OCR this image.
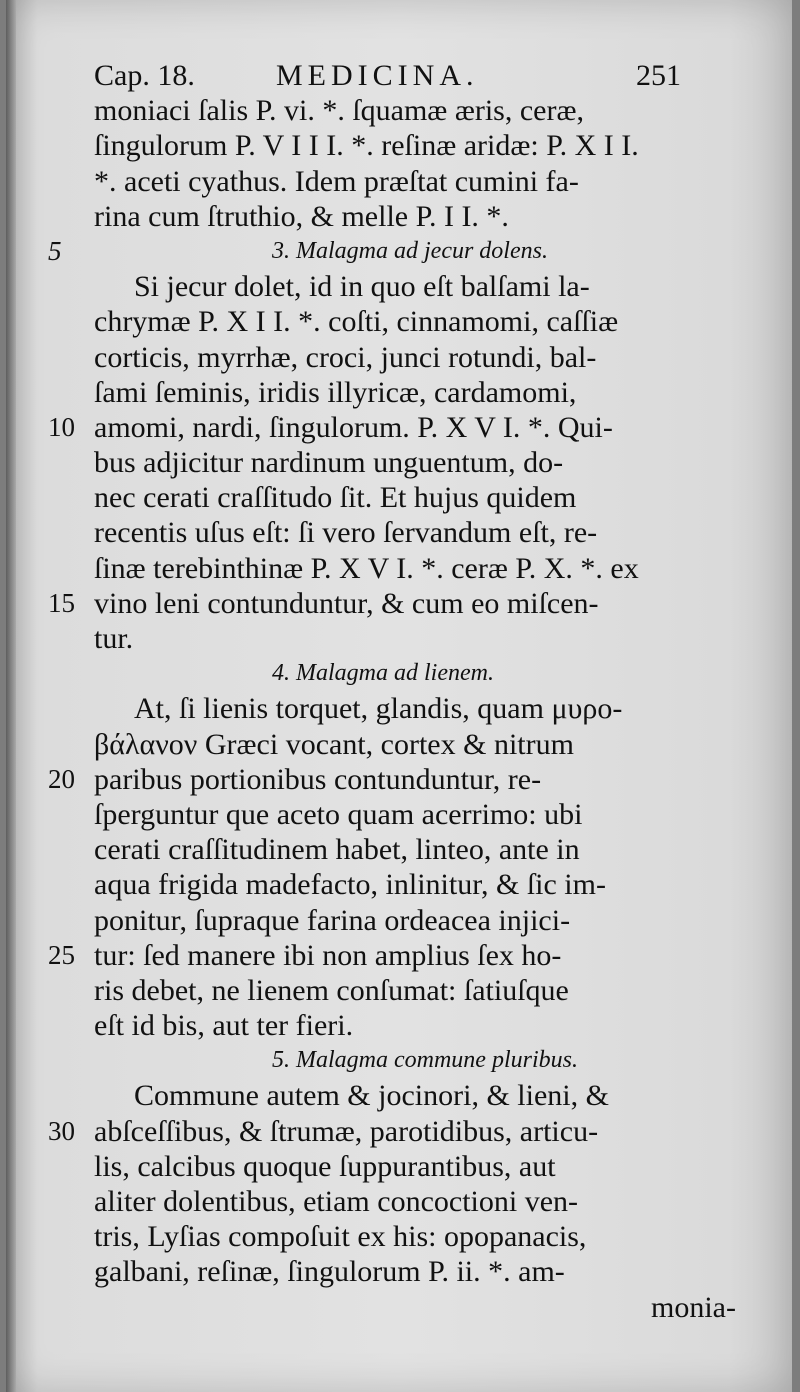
Cap. 18.	MEDICINA.	251
moniaci ſalis P. vi. *. ſquamæ æris, ceræ,
ſingulorum P. V I I I. *. reſinæ aridæ: P. X I I.
*. aceti cyathus. Idem præſtat cumini fa-
rina cum ſtruthio, & melle P. I I. *.
5	3. Malagma ad jecur dolens.
Si jecur dolet, id in quo eſt balſami la-
chrymæ P. X I I. *. coſti, cinnamomi, caſſiæ
corticis, myrrhæ, croci, junci rotundi, bal-
ſami ſeminis, iridis illyricæ, cardamomi,
10 amomi, nardi, ſingulorum. P. X V I. *. Qui-
bus adjicitur nardinum unguentum, do-
nec cerati craſſitudo ſit. Et hujus quidem
recentis uſus eſt: ſi vero ſervandum eſt, re-
ſinæ terebinthinæ P. X V I. *. ceræ P. X. *. ex
15 vino leni contunduntur, & cum eo miſcen-
tur.
4. Malagma ad lienem.
At, ſi lienis torquet, glandis, quam μυρο-
βάλανον Græci vocant, cortex & nitrum
20 paribus portionibus contunduntur, re-
ſperguntur que aceto quam acerrimo: ubi
cerati craſſitudinem habet, linteo, ante in
aqua frigida madefacto, inlinitur, & ſic im-
ponitur, ſupraque farina ordeacea injici-
25 tur: ſed manere ibi non amplius ſex ho-
ris debet, ne lienem conſumat: ſatiuſque
eſt id bis, aut ter fieri.
5. Malagma commune pluribus.
Commune autem & jocinori, & lieni, &
30 abſceſſibus, & ſtrumæ, parotidibus, articu-
lis, calcibus quoque ſuppurantibus, aut
aliter dolentibus, etiam concoctioni ven-
tris, Lyſias compoſuit ex his: opopanacis,
galbani, reſinæ, ſingulorum P. ii. *. am-
monia-
